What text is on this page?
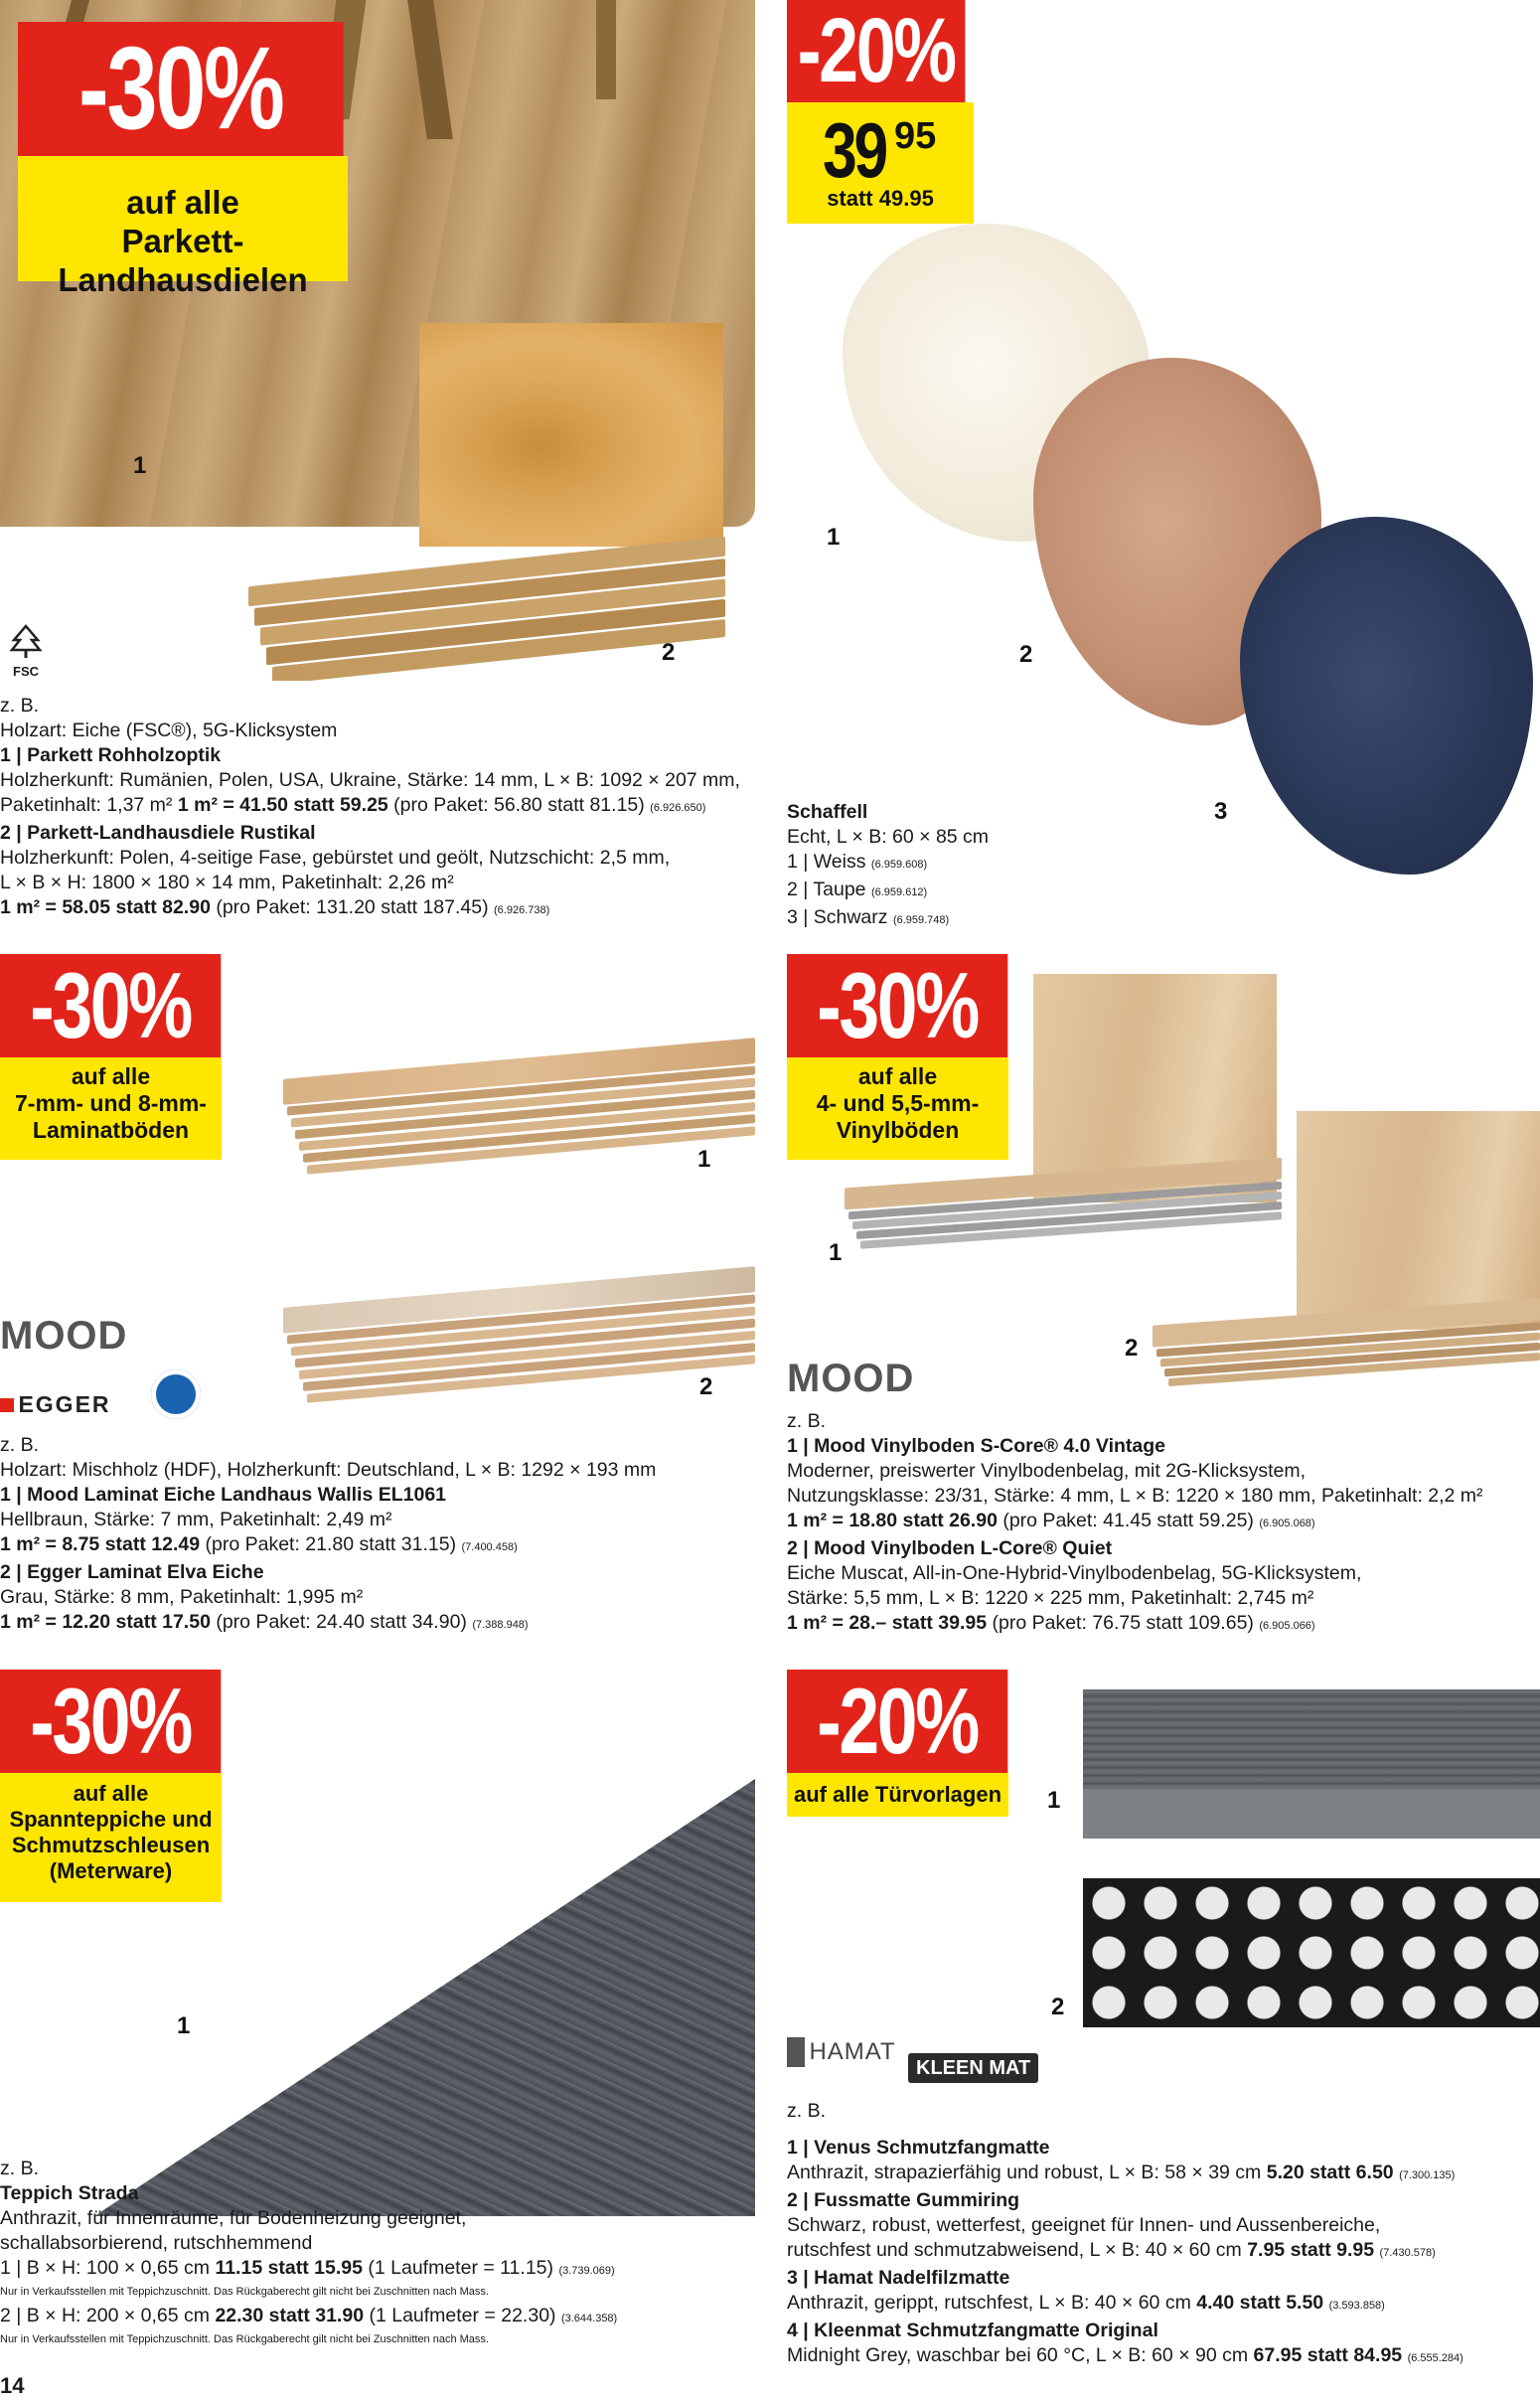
-30%
auf alle
Parkett-Landhausdielen
1
2
FSC
z. B.
Holzart: Eiche (FSC®), 5G-Klicksystem
1 | Parkett Rohholzoptik
Holzherkunft: Rumänien, Polen, USA, Ukraine, Stärke: 14 mm, L × B: 1092 × 207 mm,
Paketinhalt: 1,37 m² 1 m² = 41.50 statt 59.25 (pro Paket: 56.80 statt 81.15) (6.926.650)
2 | Parkett-Landhausdiele Rustikal
Holzherkunft: Polen, 4-seitige Fase, gebürstet und geölt, Nutzschicht: 2,5 mm,
L × B × H: 1800 × 180 × 14 mm, Paketinhalt: 2,26 m²
1 m² = 58.05 statt 82.90 (pro Paket: 131.20 statt 187.45) (6.926.738)
-20%
39 95
statt 49.95
1
2
3
Schaffell
Echt, L × B: 60 × 85 cm
1 | Weiss (6.959.608)
2 | Taupe (6.959.612)
3 | Schwarz (6.959.748)
-30%
auf alle
7-mm- und 8-mm-
Laminatböden
1
2
MOOD
EGGER
z. B.
Holzart: Mischholz (HDF), Holzherkunft: Deutschland, L × B: 1292 × 193 mm
1 | Mood Laminat Eiche Landhaus Wallis EL1061
Hellbraun, Stärke: 7 mm, Paketinhalt: 2,49 m²
1 m² = 8.75 statt 12.49 (pro Paket: 21.80 statt 31.15) (7.400.458)
2 | Egger Laminat Elva Eiche
Grau, Stärke: 8 mm, Paketinhalt: 1,995 m²
1 m² = 12.20 statt 17.50 (pro Paket: 24.40 statt 34.90) (7.388.948)
-30%
auf alle
4- und 5,5-mm-
Vinylböden
1
2
MOOD
z. B.
1 | Mood Vinylboden S-Core® 4.0 Vintage
Moderner, preiswerter Vinylbodenbelag, mit 2G-Klicksystem,
Nutzungsklasse: 23/31, Stärke: 4 mm, L × B: 1220 × 180 mm, Paketinhalt: 2,2 m²
1 m² = 18.80 statt 26.90 (pro Paket: 41.45 statt 59.25) (6.905.068)
2 | Mood Vinylboden L-Core® Quiet
Eiche Muscat, All-in-One-Hybrid-Vinylbodenbelag, 5G-Klicksystem,
Stärke: 5,5 mm, L × B: 1220 × 225 mm, Paketinhalt: 2,745 m²
1 m² = 28.– statt 39.95 (pro Paket: 76.75 statt 109.65) (6.905.066)
-30%
auf alle
Spannteppiche und
Schmutzschleusen
(Meterware)
1
z. B.
Teppich Strada
Anthrazit, für Innenräume, für Bodenheizung geeignet,
schallabsorbierend, rutschhemmend
1 | B × H: 100 × 0,65 cm 11.15 statt 15.95 (1 Laufmeter = 11.15) (3.739.069)
Nur in Verkaufsstellen mit Teppichzuschnitt. Das Rückgaberecht gilt nicht bei Zuschnitten nach Mass.
2 | B × H: 200 × 0,65 cm 22.30 statt 31.90 (1 Laufmeter = 22.30) (3.644.358)
Nur in Verkaufsstellen mit Teppichzuschnitt. Das Rückgaberecht gilt nicht bei Zuschnitten nach Mass.
-20%
auf alle Türvorlagen 1
2
HAMAT
KLEEN MAT
z. B.
1 | Venus Schmutzfangmatte
Anthrazit, strapazierfähig und robust, L × B: 58 × 39 cm 5.20 statt 6.50 (7.300.135)
2 | Fussmatte Gummiring
Schwarz, robust, wetterfest, geeignet für Innen- und Aussenbereiche,
rutschfest und schmutzabweisend, L × B: 40 × 60 cm 7.95 statt 9.95 (7.430.578)
3 | Hamat Nadelfilzmatte
Anthrazit, gerippt, rutschfest, L × B: 40 × 60 cm 4.40 statt 5.50 (3.593.858)
4 | Kleenmat Schmutzfangmatte Original
Midnight Grey, waschbar bei 60 °C, L × B: 60 × 90 cm 67.95 statt 84.95 (6.555.284)
14
